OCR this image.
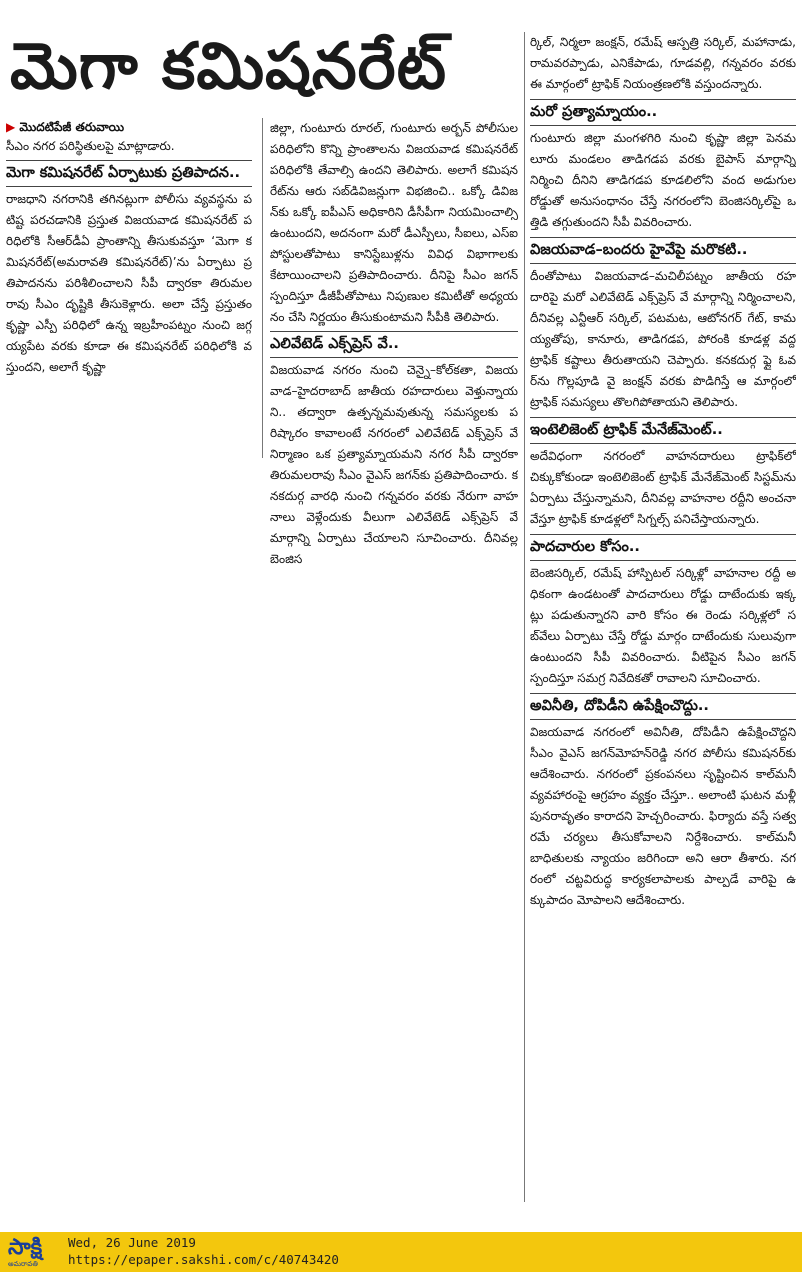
మెగా కమిషనరేట్
▶ మొదటిపేజీ తరువాయి
సీఎం నగర పరిస్థితులపై మాట్లాడారు.
మెగా కమిషనరేట్ ఏర్పాటుకు ప్రతిపాదన..
రాజధాని నగరానికి తగినట్లుగా పోలీసు వ్యవస్థను పటిష్ట పరచడానికి ప్రస్తుత విజయవాడ కమిషనరేట్ పరిధిలోకి సీఆర్‌డీఏ ప్రాంతాన్ని తీసుకువస్తూ ‘మెగా కమిషనరేట్(అమరావతి కమిషనరేట్)’ను ఏర్పాటు ప్రతిపాదనను పరిశీలించాలని సీపీ ద్వారకా తిరుమలరావు సీఎం దృష్టికి తీసుకెళ్లారు. అలా చేస్తే ప్రస్తుతం కృష్ణా ఎస్పీ పరిధిలో ఉన్న ఇబ్రహీంపట్నం నుంచి జగ్గయ్యపేట వరకు కూడా ఈ కమిషనరేట్ పరిధిలోకి వస్తుందని, అలాగే కృష్ణా
జిల్లా, గుంటూరు రూరల్, గుంటూరు అర్బన్ పోలీసుల పరిధిలోని కొన్ని ప్రాంతాలను విజయవాడ కమిషనరేట్ పరిధిలోకి తేవాల్సి ఉందని తెలిపారు. అలాగే కమిషనరేట్‌ను ఆరు సబ్‌డివిజన్లుగా విభజించి.. ఒక్కో డివిజన్‌కు ఒక్కో ఐపీఎస్ అధికారిని డీసీపీగా నియమించాల్సి ఉంటుందని, అదనంగా మరో డీఎస్పీలు, సీఐలు, ఎస్‌ఐ పోస్టులతోపాటు కానిస్టేబుళ్లను వివిధ విభాగాలకు కేటాయించాలని ప్రతిపాదించారు. దీనిపై సీఎం జగన్ స్పందిస్తూ డీజీపీతోపాటు నిపుణుల కమిటీతో అధ్యయనం చేసి నిర్ణయం తీసుకుంటామని సీపీకి తెలిపారు.
ఎలివేటెడ్ ఎక్స్‌ప్రెస్ వే..
విజయవాడ నగరం నుంచి చెన్నై–కోల్‌కతా, విజయవాడ–హైదరాబాద్ జాతీయ రహదారులు వెళ్తున్నాయని.. తద్వారా ఉత్పన్నమవుతున్న సమస్యలకు పరిష్కారం కావాలంటే నగరంలో ఎలివేటెడ్ ఎక్స్‌ప్రెస్ వే నిర్మాణం ఒక ప్రత్యామ్నాయమని నగర సీపీ ద్వారకా తిరుమలరావు సీఎం వైఎస్ జగన్‌కు ప్రతిపాదించారు. కనకదుర్గ వారధి నుంచి గన్నవరం వరకు నేరుగా వాహనాలు వెళ్లేందుకు వీలుగా ఎలివేటెడ్ ఎక్స్‌ప్రెస్ వే మార్గాన్ని ఏర్పాటు చేయాలని సూచించారు. దీనివల్ల బెంజిస
ర్కిల్, నిర్మలా జంక్షన్, రమేష్ ఆస్పత్రి సర్కిల్, మహానాడు, రామవరప్పాడు, ఎనికేపాడు, గూడవల్లి, గన్నవరం వరకు ఈ మార్గంలో ట్రాఫిక్ నియంత్రణలోకి వస్తుందన్నారు.
మరో ప్రత్యామ్నాయం..
గుంటూరు జిల్లా మంగళగిరి నుంచి కృష్ణా జిల్లా పెనమలూరు మండలం తాడిగడప వరకు బైపాస్ మార్గాన్ని నిర్మించి దీనిని తాడిగడప కూడలిలోని వంద అడుగుల రోడ్డుతో అనుసంధానం చేస్తే నగరంలోని బెంజిసర్కిల్‌పై ఒత్తిడి తగ్గుతుందని సీపీ వివరించారు.
విజయవాడ–బందరు హైవేపై మరొకటి..
దీంతోపాటు విజయవాడ–మచిలీపట్నం జాతీయ రహదారిపై మరో ఎలివేటెడ్ ఎక్స్‌ప్రెస్ వే మార్గాన్ని నిర్మించాలని, దీనివల్ల ఎన్టీఆర్ సర్కిల్, పటమట, ఆటోనగర్ గేట్, కామయ్యతోపు, కానూరు, తాడిగడప, పోరంకి కూడళ్ల వద్ద ట్రాఫిక్ కష్టాలు తీరుతాయని చెప్పారు. కనకదుర్గ ఫ్లై ఓవర్‌ను గొల్లపూడి వై జంక్షన్ వరకు పొడిగిస్తే ఆ మార్గంలో ట్రాఫిక్ సమస్యలు తొలగిపోతాయని తెలిపారు.
ఇంటెలిజెంట్ ట్రాఫిక్ మేనేజ్‌మెంట్..
అదేవిధంగా నగరంలో వాహనదారులు ట్రాఫిక్‌లో చిక్కుకోకుండా ఇంటెలిజెంట్ ట్రాఫిక్ మేనేజ్‌మెంట్ సిస్టమ్‌ను ఏర్పాటు చేస్తున్నామని, దీనివల్ల వాహనాల రద్దీని అంచనా వేస్తూ ట్రాఫిక్ కూడళ్లలో సిగ్నల్స్ పనిచేస్తాయన్నారు.
పాదచారుల కోసం..
బెంజిసర్కిల్, రమేష్ హాస్పిటల్ సర్కిళ్లో వాహనాల రద్దీ అధికంగా ఉండటంతో పాదచారులు రోడ్డు దాటేందుకు ఇక్కట్లు పడుతున్నారని వారి కోసం ఈ రెండు సర్కిళ్లలో సబ్‌వేలు ఏర్పాటు చేస్తే రోడ్డు మార్గం దాటేందుకు సులువుగా ఉంటుందని సీపీ వివరించారు. వీటిపైన సీఎం జగన్ స్పందిస్తూ సమగ్ర నివేదికతో రావాలని సూచించారు.
అవినీతి, దోపిడీని ఉపేక్షించొద్దు..
విజయవాడ నగరంలో అవినీతి, దోపిడీని ఉపేక్షించొద్దని సీఎం వైఎస్ జగన్‌మోహన్‌రెడ్డి నగర పోలీసు కమిషనర్‌కు ఆదేశించారు. నగరంలో ప్రకంపనలు సృష్టించిన కాల్‌మనీ వ్యవహారంపై ఆగ్రహం వ్యక్తం చేస్తూ.. అలాంటి ఘటన మళ్లీ పునరావృతం కారాదని హెచ్చరించారు. ఫిర్యాదు వస్తే సత్వరమే చర్యలు తీసుకోవాలని నిర్దేశించారు. కాల్‌మనీ బాధితులకు న్యాయం జరిగిందా అని ఆరా తీశారు. నగరంలో చట్టవిరుద్ధ కార్యకలాపాలకు పాల్పడే వారిపై ఉక్కుపాదం మోపాలని ఆదేశించారు.
సాక్షి
అమరావతి
Wed, 26 June 2019
https://epaper.sakshi.com/c/40743420
